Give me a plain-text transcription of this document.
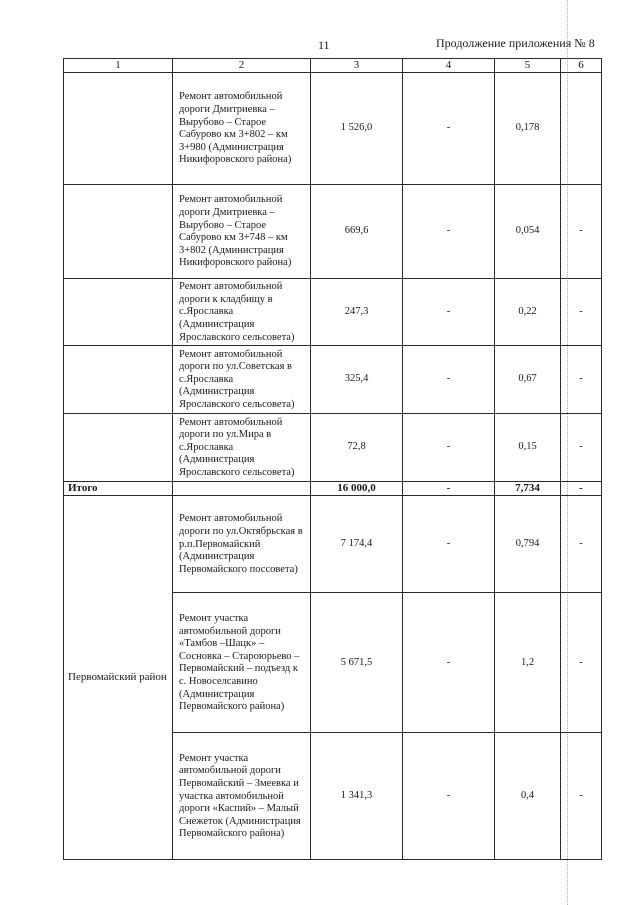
11	Продолжение приложения № 8
1	2	3	4	5	6
	Ремонт автомобильной дороги Дмитриевка – Вырубово – Старое Сабурово км 3+802 – км 3+980 (Администрация Никифоровского района)	1 526,0	-	0,178	
	Ремонт автомобильной дороги Дмитриевка – Вырубово – Старое Сабурово км 3+748 – км 3+802 (Администрация Никифоровского района)	669,6	-	0,054	-
	Ремонт автомобильной дороги к кладбищу в с.Ярославка (Администрация Ярославского сельсовета)	247,3	-	0,22	-
	Ремонт автомобильной дороги по ул.Советская в с.Ярославка (Администрация Ярославского сельсовета)	325,4	-	0,67	-
	Ремонт автомобильной дороги по ул.Мира в с.Ярославка (Администрация Ярославского сельсовета)	72,8	-	0,15	-
Итого		16 000,0	-	7,734	-
Первомайский район	Ремонт автомобильной дороги по ул.Октябрьская в р.п.Первомайский (Администрация Первомайского поссовета)	7 174,4	-	0,794	-
	Ремонт участка автомобильной дороги «Тамбов –Шацк» – Сосновка – Староюрьево – Первомайский – подъезд к с. Новоселсавино (Администрация Первомайского района)	5 671,5	-	1,2	-
	Ремонт участка автомобильной дороги Первомайский – Змеевка и участка автомобильной дороги «Каспий» – Малый Снежеток (Администрация Первомайского района)	1 341,3	-	0,4	-
